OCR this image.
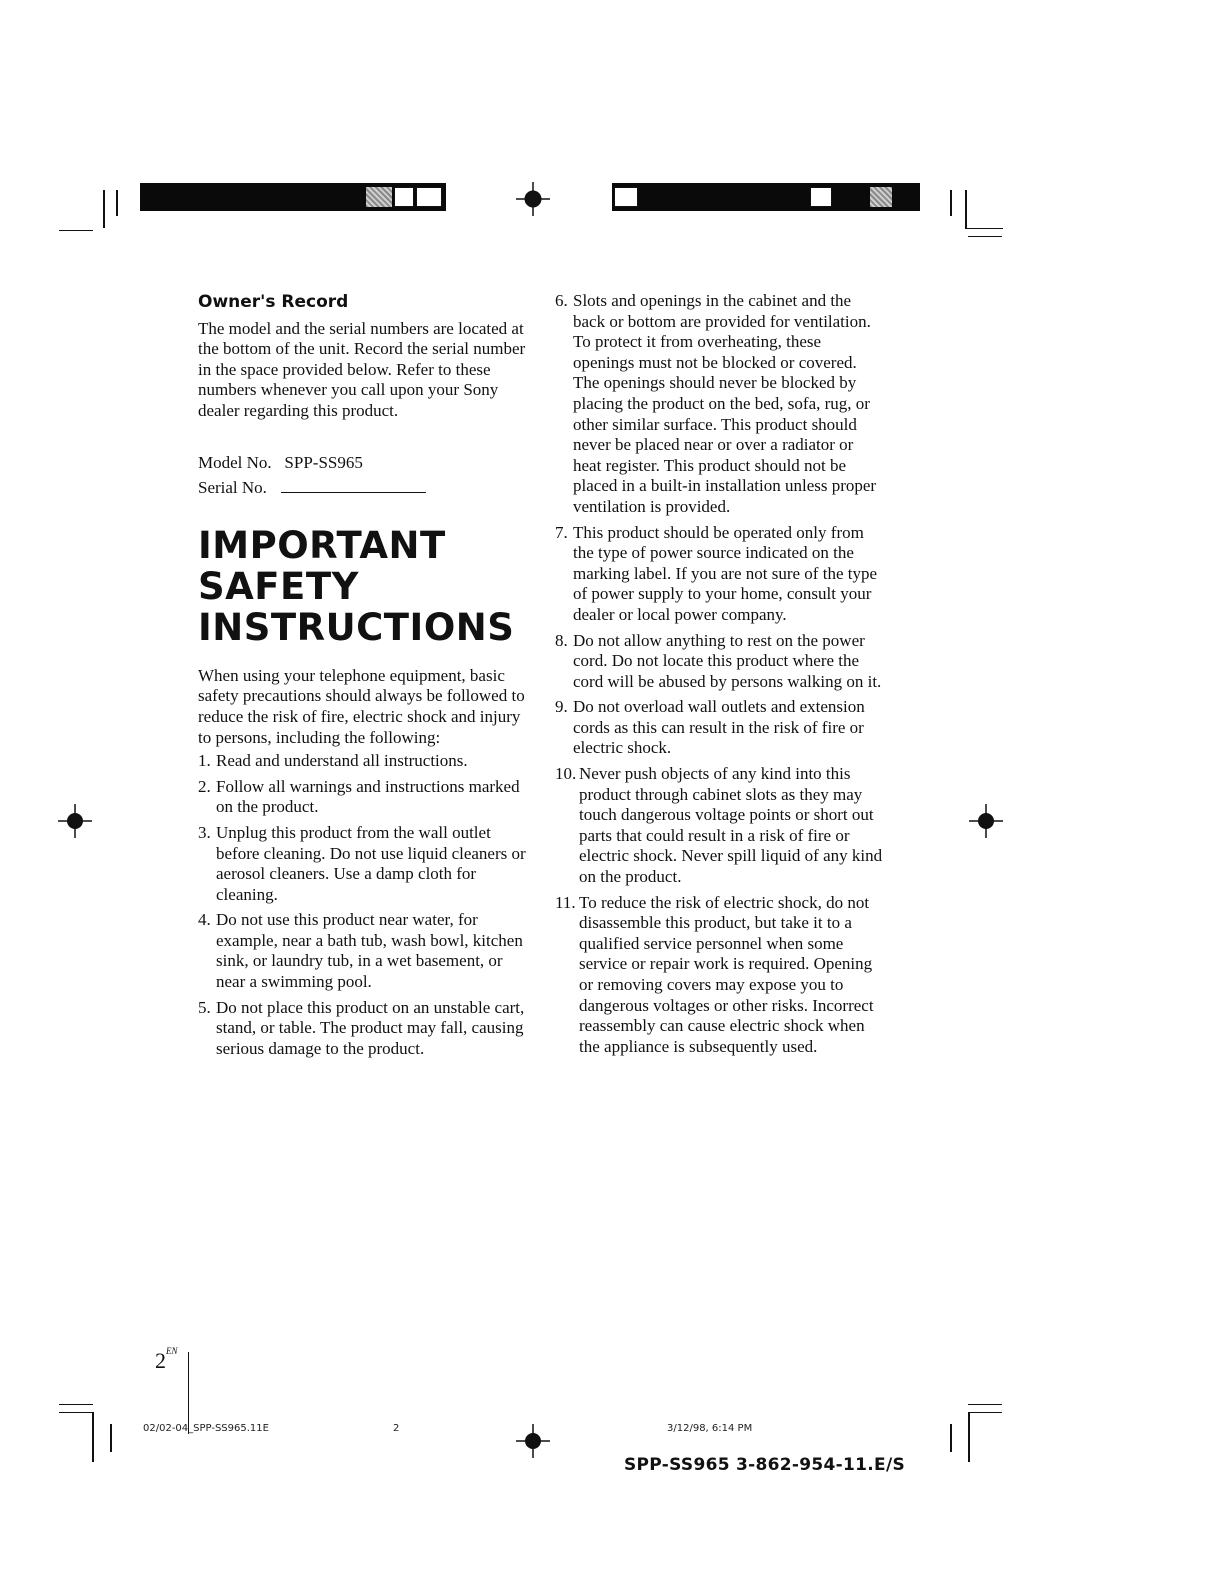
Owner's Record

The model and the serial numbers are located at the bottom of the unit. Record the serial number in the space provided below. Refer to these numbers whenever you call upon your Sony dealer regarding this product.

Model No. SPP-SS965

Serial No.

IMPORTANT
SAFETY
INSTRUCTIONS

When using your telephone equipment, basic safety precautions should always be followed to reduce the risk of fire, electric shock and injury to persons, including the following:

1. Read and understand all instructions.
2. Follow all warnings and instructions marked on the product.
3. Unplug this product from the wall outlet before cleaning. Do not use liquid cleaners or aerosol cleaners. Use a damp cloth for cleaning.
4. Do not use this product near water, for example, near a bath tub, wash bowl, kitchen sink, or laundry tub, in a wet basement, or near a swimming pool.
5. Do not place this product on an unstable cart, stand, or table. The product may fall, causing serious damage to the product.
6. Slots and openings in the cabinet and the back or bottom are provided for ventilation. To protect it from overheating, these openings must not be blocked or covered. The openings should never be blocked by placing the product on the bed, sofa, rug, or other similar surface. This product should never be placed near or over a radiator or heat register. This product should not be placed in a built-in installation unless proper ventilation is provided.
7. This product should be operated only from the type of power source indicated on the marking label. If you are not sure of the type of power supply to your home, consult your dealer or local power company.
8. Do not allow anything to rest on the power cord. Do not locate this product where the cord will be abused by persons walking on it.
9. Do not overload wall outlets and extension cords as this can result in the risk of fire or electric shock.
10. Never push objects of any kind into this product through cabinet slots as they may touch dangerous voltage points or short out parts that could result in a risk of fire or electric shock. Never spill liquid of any kind on the product.
11. To reduce the risk of electric shock, do not disassemble this product, but take it to a qualified service personnel when some service or repair work is required. Opening or removing covers may expose you to dangerous voltages or other risks. Incorrect reassembly can cause electric shock when the appliance is subsequently used.
$2^{EN}$
02/02-04_SPP-SS965.11E	2	3/12/98, 6:14 PM
SPP-SS965 3-862-954-11.E/S
